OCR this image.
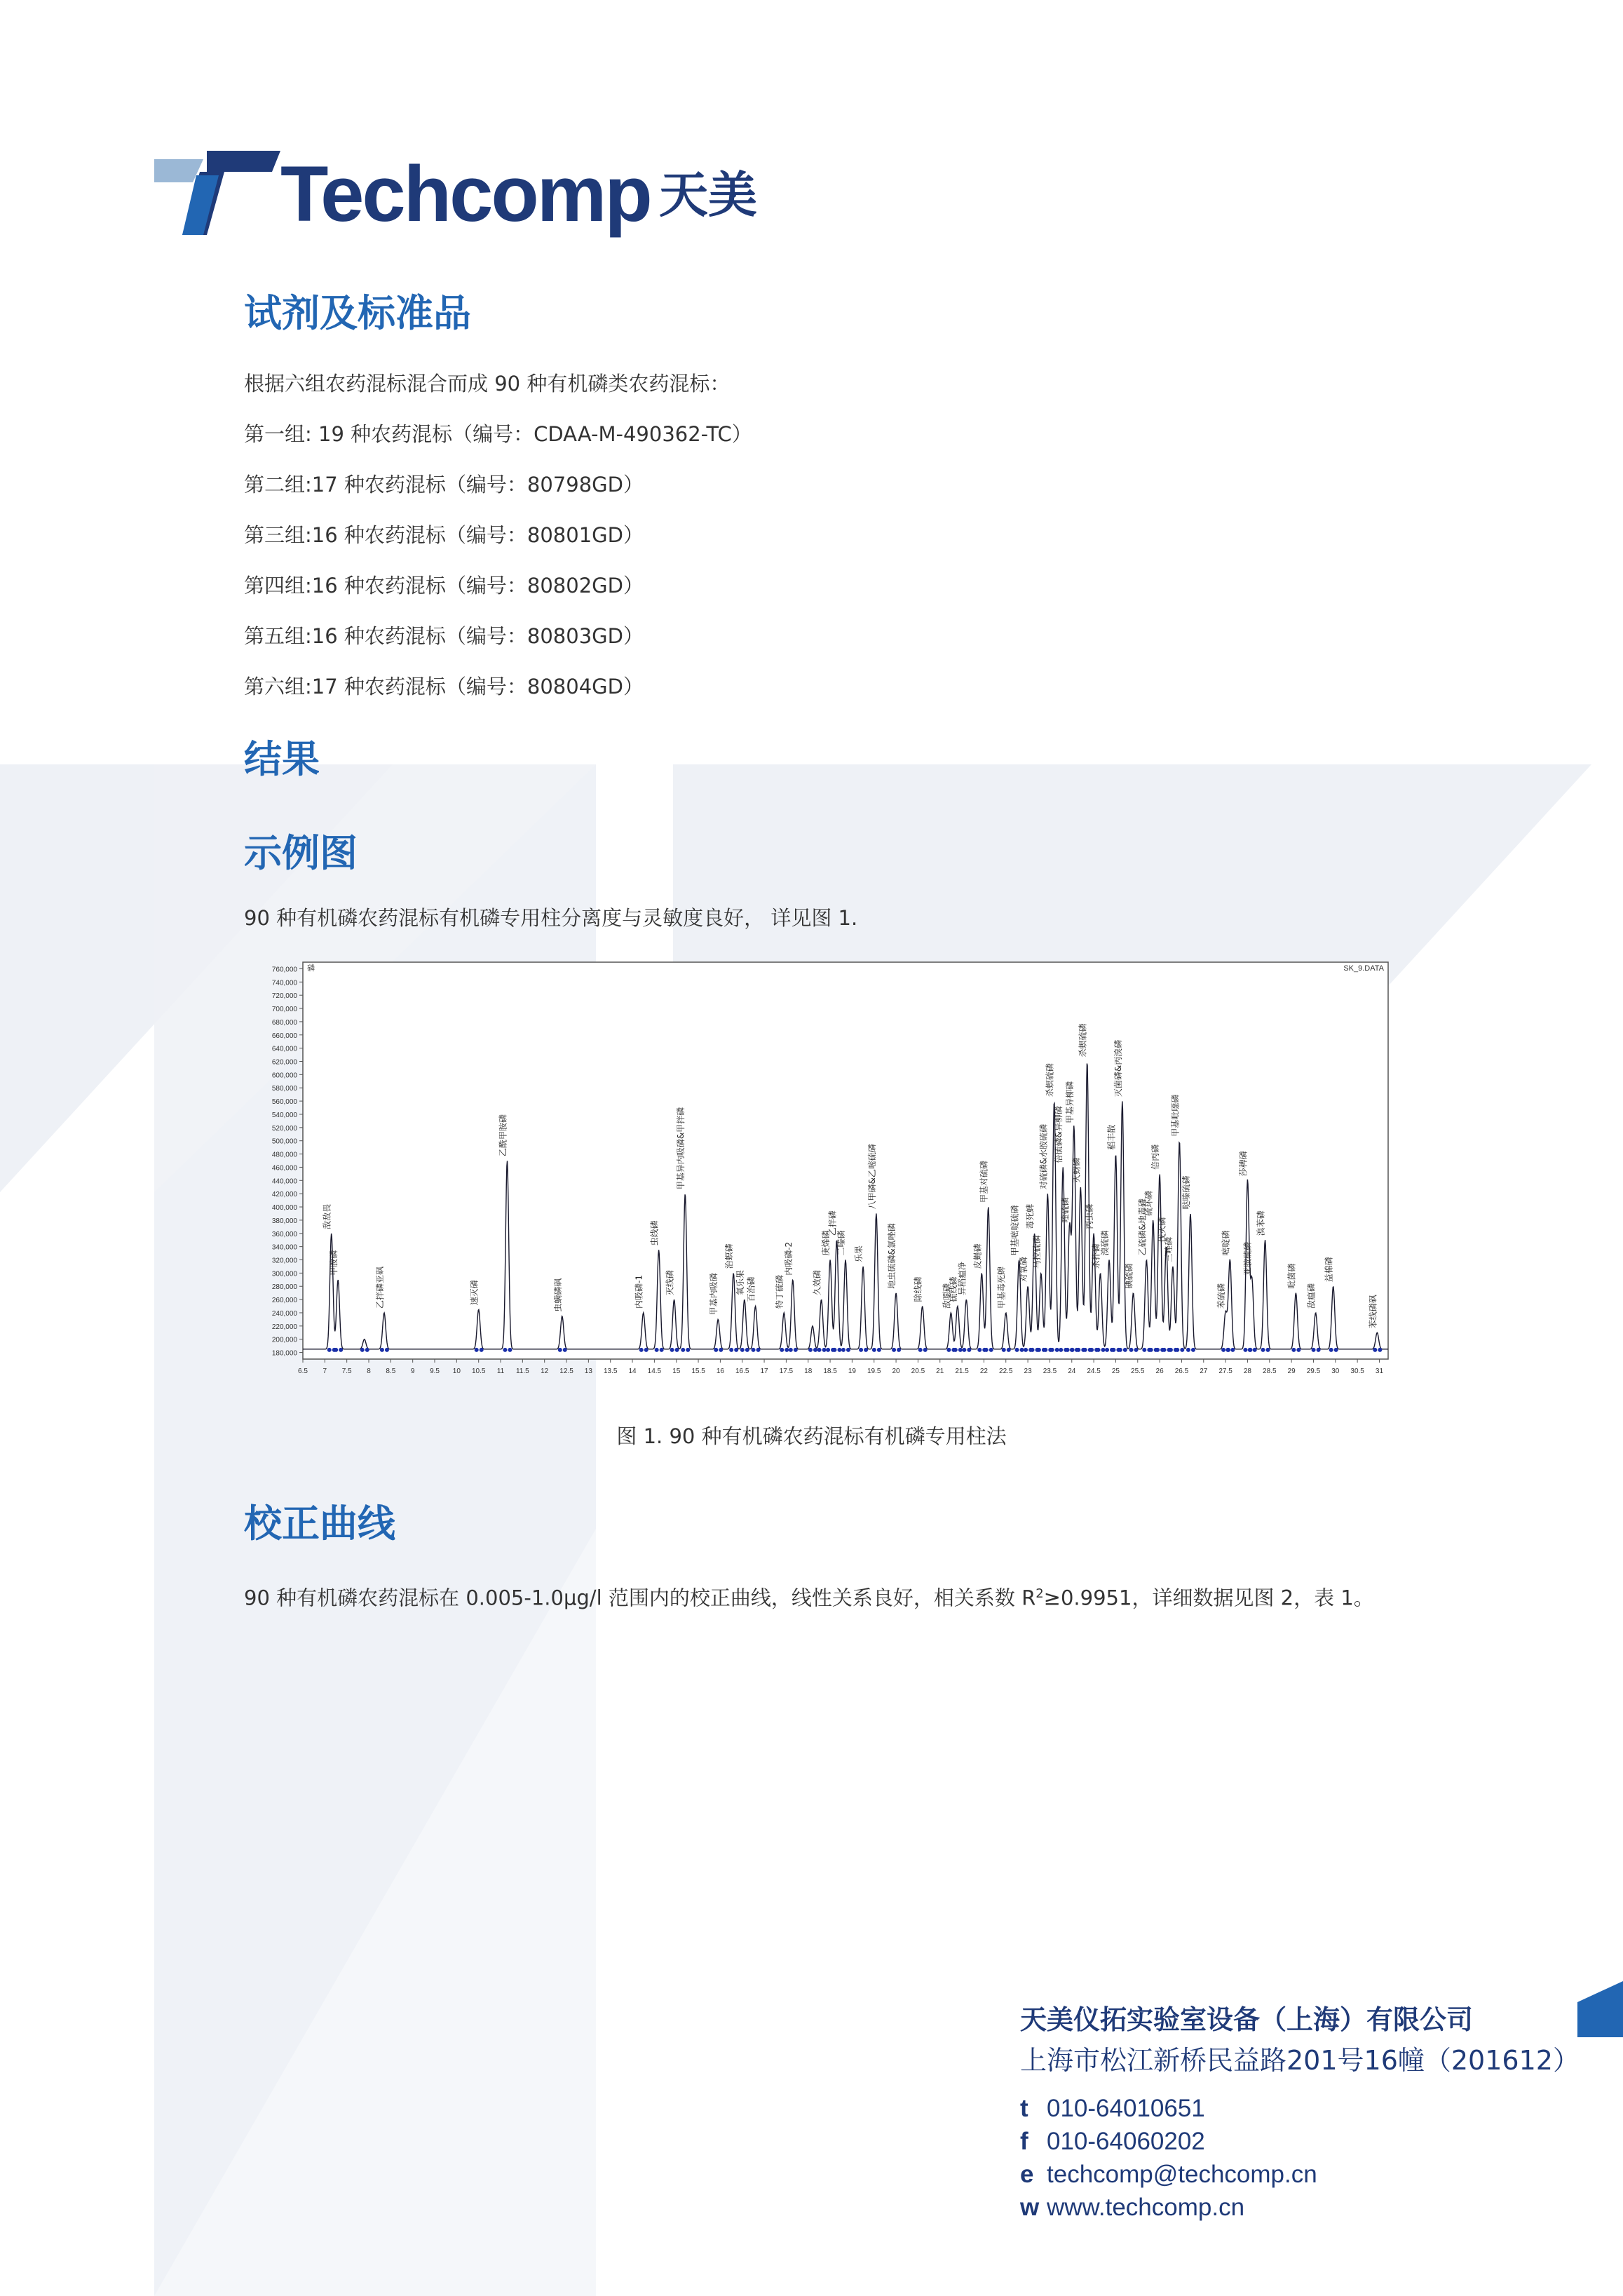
Techcomp 天美
试剂及标准品

根据六组农药混标混合而成 90 种有机磷类农药混标：

第一组: 19 种农药混标（编号：CDAA-M-490362-TC）

第二组:17 种农药混标（编号：80798GD）

第三组:16 种农药混标（编号：80801GD）

第四组:16 种农药混标（编号：80802GD）

第五组:16 种农药混标（编号：80803GD）

第六组:17 种农药混标（编号：80804GD）

结果
示例图

90 种有机磷农药混标有机磷专用柱分离度与灵敏度良好， 详见图 1.

760,000
740,000
720,000
700,000
680,000
660,000
640,000
620,000
600,000
580,000
560,000
540,000
520,000
500,000
480,000
460,000
440,000
420,000
400,000
380,000
360,000
340,000
320,000
300,000
280,000
260,000
240,000
220,000
200,000
180,000
6.5 7 7.5 8 8.5 9 9.5 10 10.5 11 11.5 12 12.5 13 13.5 14 14.5 15 15.5 16 16.5 17 17.5 18 18.5 19 19.5 20 20.5 21 21.5 22 22.5 23 23.5 24 24.5 25 25.5 26 26.5 27 27.5 28 28.5 29 29.5 30 30.5 31
磷	SK_9.DATA
敌敌畏
甲胺磷
乙拌磷亚砜	速灭磷
乙酰甲胺磷
虫螨磷砜	内吸磷-1
虫线磷
灭线磷
甲基异内吸磷&甲拌磷
甲基内吸磷
治螟磷
氧乐果 百治磷 特丁硫磷
内吸磷-2
久效磷
庚烯磷
乙拌磷
二嗪磷 乐果
八甲磷&乙嘧硫磷
地虫硫磷&氯唑磷
除线磷 敌噁磷
硫线磷
异稻瘟净
皮蝇磷
甲基对硫磷
甲基毒死蜱
甲基嘧啶硫磷
对氧磷
毒死蜱
马拉硫磷
对硫磷&水胺硫磷
杀螟硫磷
倍硫磷&异柳磷
喹硫磷
甲基异柳磷
灭蚜磷
杀螟硫磷
丙虫磷
杀扑磷
溴硫磷
稻丰散
灭菌磷&丙溴磷
碘硫磷
乙硫磷&地毒磷
硫环磷
倍丙磷
伐灭磷
三唑磷
甲基吡噁磷
哒嗪硫磷
苯硫磷
嘧啶磷
莎稗磷
亚胺硫磷
溴苯磷
吡菌磷
敌瘟磷
益棉磷
苯线磷砜
图 1. 90 种有机磷农药混标有机磷专用柱法
校正曲线

90 种有机磷农药混标在 0.005-1.0μg/l 范围内的校正曲线，线性关系良好，相关系数 $R^2\ge 0.9951$，详细数据见图 2，表 1。

天美仪拓实验室设备（上海）有限公司
上海市松江新桥民益路201号16幢（201612）
t 010-64010651
f 010-64060202
e techcomp@techcomp.cn
w www.techcomp.cn
